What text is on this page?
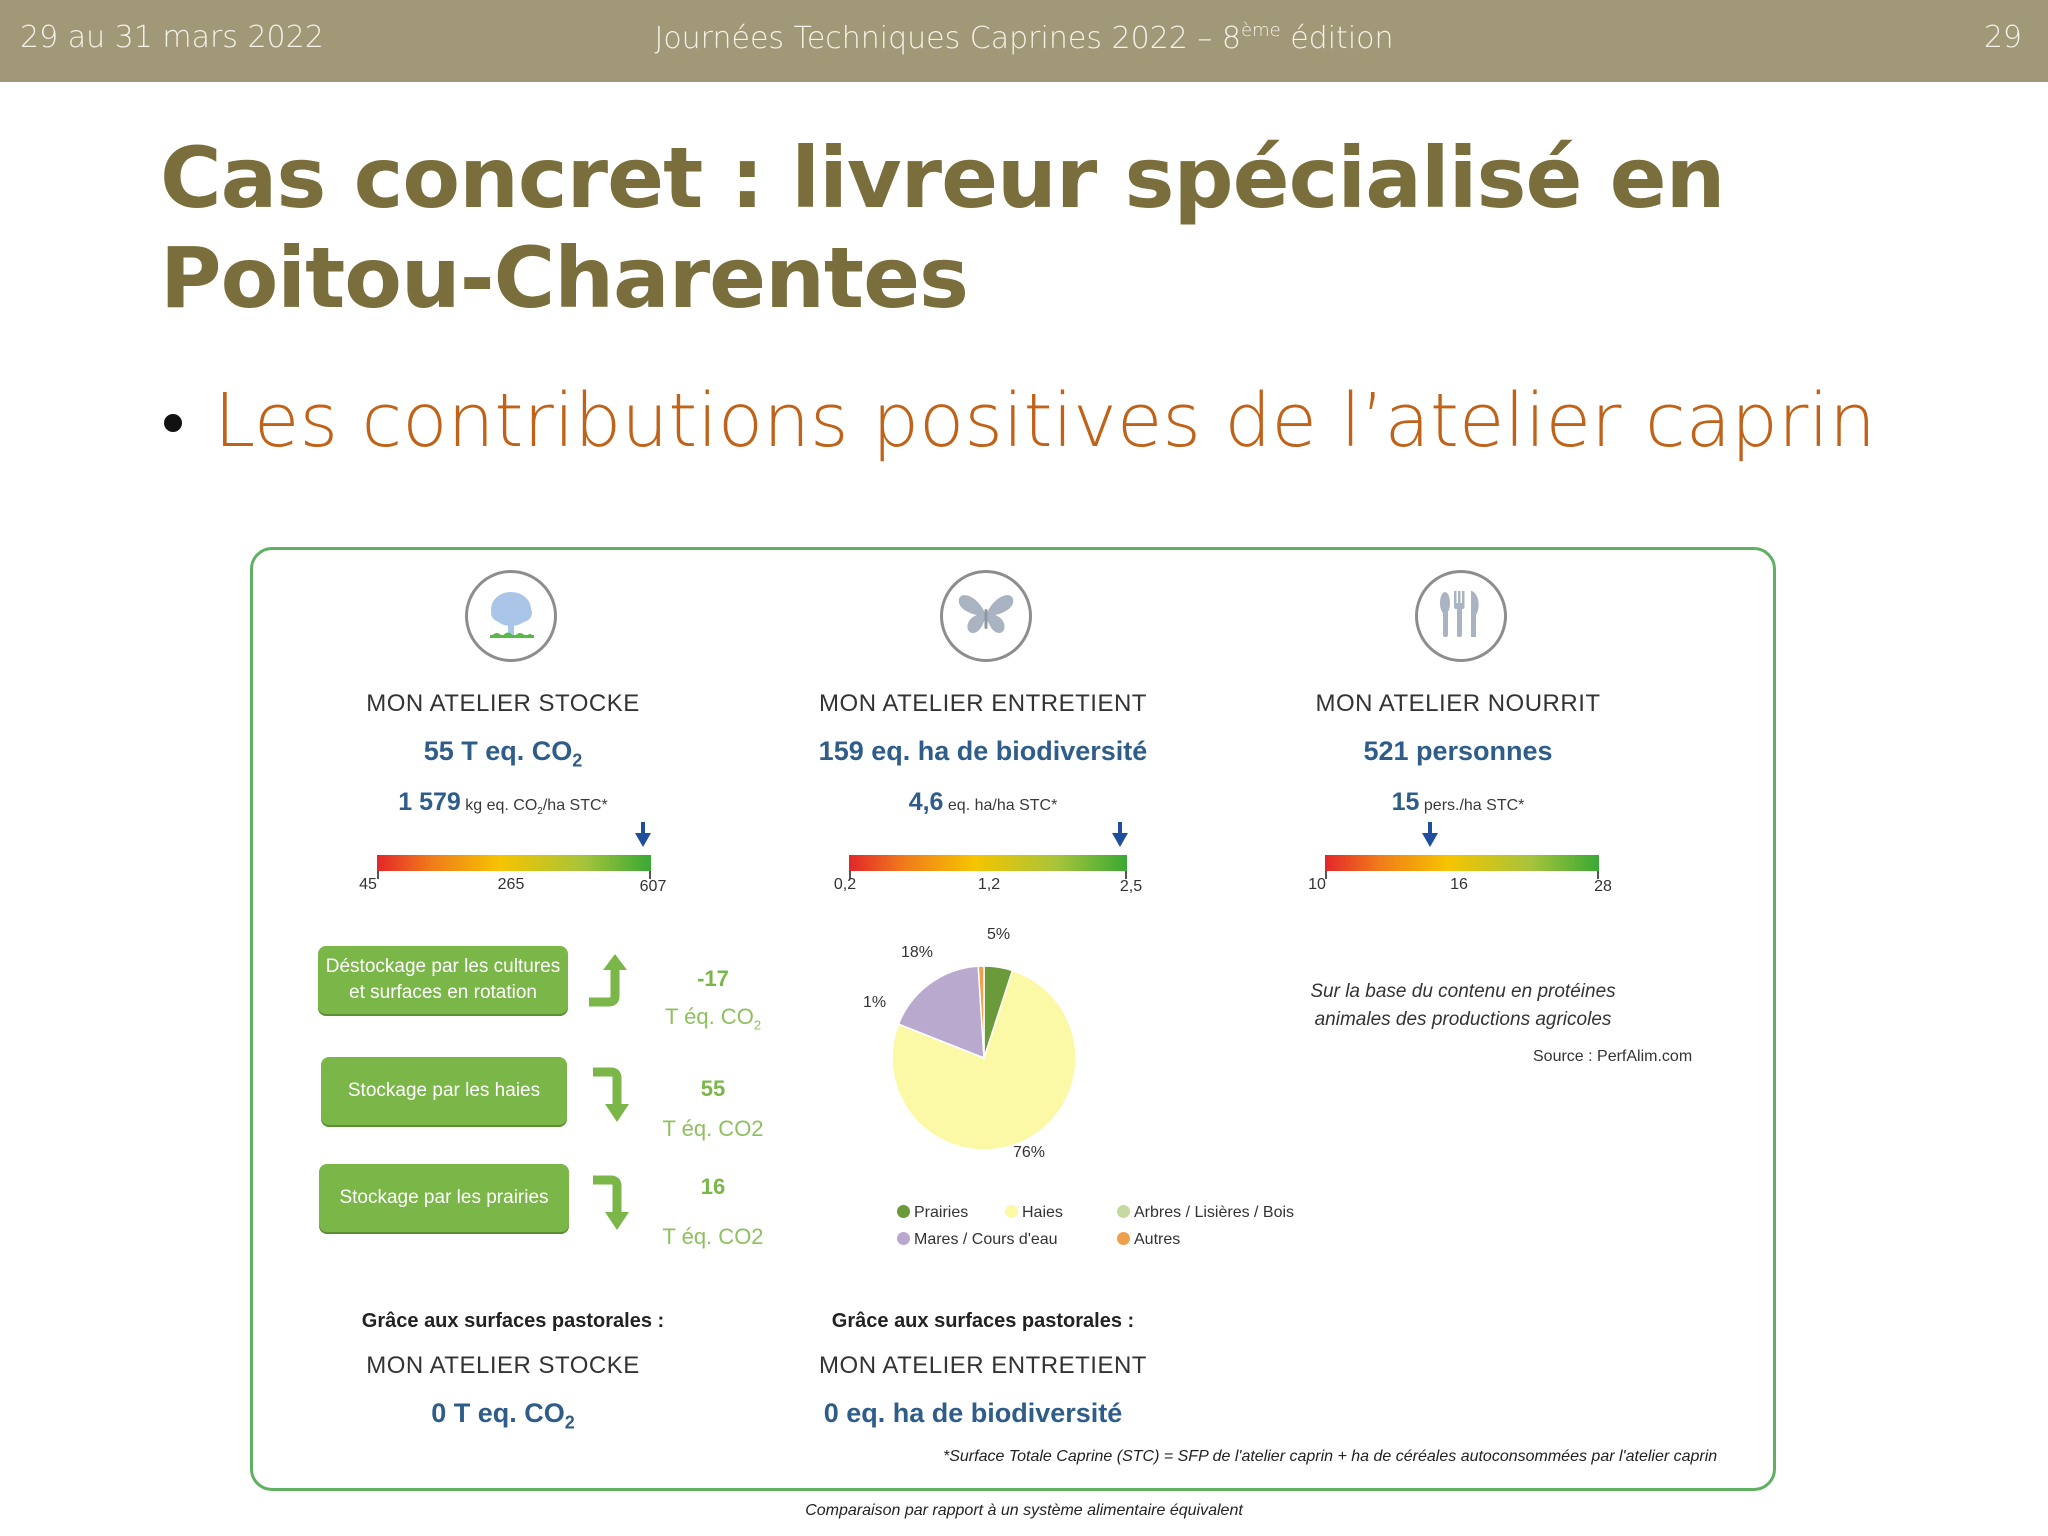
29 au 31 mars 2022	Journées Techniques Caprines 2022 – 8ème édition	29
Cas concret : livreur spécialisé en
Poitou-Charentes
Les contributions positives de l’atelier caprin
MON ATELIER STOCKE
55 T eq. $CO_2$
1 579 kg eq. $CO_2/ha$ STC*
45	265	607
Déstockage par les cultures et surfaces en rotation
-17
T éq. $CO_2$
Stockage par les haies	55
T éq. CO2
Stockage par les prairies	16
T éq. CO2
MON ATELIER ENTRETIENT
159 eq. ha de biodiversité
4,6 eq. ha/ha STC*
0,2	1,2	2,5
5%
18%
1%
76%
Prairies	Haies	Arbres / Lisières / Bois
Mares / Cours d'eau	Autres
MON ATELIER NOURRIT
521 personnes
15 pers./ha STC*
10	16	28
Sur la base du contenu en protéines
animales des productions agricoles
Source : PerfAlim.com
Grâce aux surfaces pastorales :
MON ATELIER STOCKE
0 T eq. $CO_2$
Grâce aux surfaces pastorales :
MON ATELIER ENTRETIENT
0 eq. ha de biodiversité
*Surface Totale Caprine (STC) = SFP de l'atelier caprin + ha de céréales autoconsommées par l'atelier caprin
Comparaison par rapport à un système alimentaire équivalent
